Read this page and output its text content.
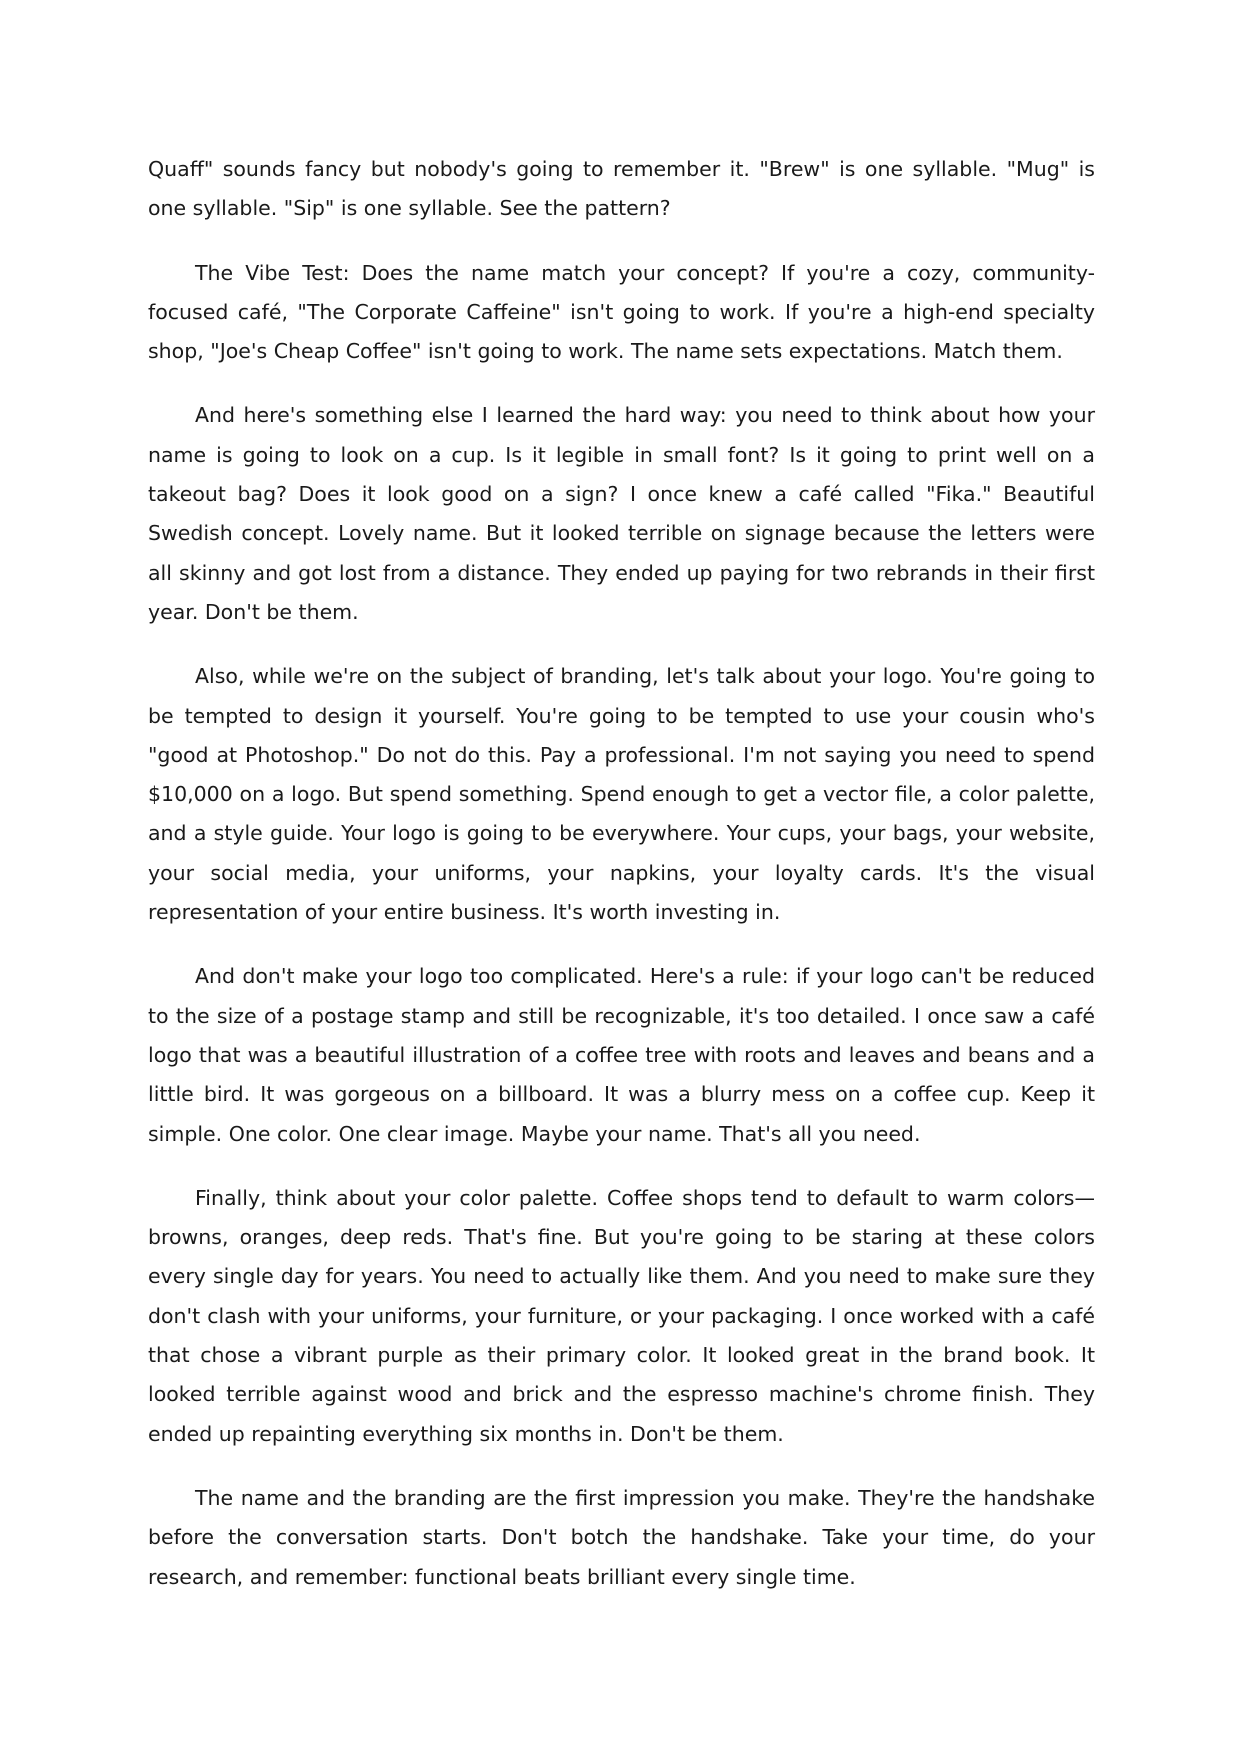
Quaff" sounds fancy but nobody's going to remember it. "Brew" is one syllable. "Mug" is one syllable. "Sip" is one syllable. See the pattern?

The Vibe Test: Does the name match your concept? If you're a cozy, community-focused café, "The Corporate Caffeine" isn't going to work. If you're a high-end specialty shop, "Joe's Cheap Coffee" isn't going to work. The name sets expectations. Match them.

And here's something else I learned the hard way: you need to think about how your name is going to look on a cup. Is it legible in small font? Is it going to print well on a takeout bag? Does it look good on a sign? I once knew a café called "Fika." Beautiful Swedish concept. Lovely name. But it looked terrible on signage because the letters were all skinny and got lost from a distance. They ended up paying for two rebrands in their first year. Don't be them.

Also, while we're on the subject of branding, let's talk about your logo. You're going to be tempted to design it yourself. You're going to be tempted to use your cousin who's "good at Photoshop." Do not do this. Pay a professional. I'm not saying you need to spend $10,000 on a logo. But spend something. Spend enough to get a vector file, a color palette, and a style guide. Your logo is going to be everywhere. Your cups, your bags, your website, your social media, your uniforms, your napkins, your loyalty cards. It's the visual representation of your entire business. It's worth investing in.

And don't make your logo too complicated. Here's a rule: if your logo can't be reduced to the size of a postage stamp and still be recognizable, it's too detailed. I once saw a café logo that was a beautiful illustration of a coffee tree with roots and leaves and beans and a little bird. It was gorgeous on a billboard. It was a blurry mess on a coffee cup. Keep it simple. One color. One clear image. Maybe your name. That's all you need.

Finally, think about your color palette. Coffee shops tend to default to warm colors—browns, oranges, deep reds. That's fine. But you're going to be staring at these colors every single day for years. You need to actually like them. And you need to make sure they don't clash with your uniforms, your furniture, or your packaging. I once worked with a café that chose a vibrant purple as their primary color. It looked great in the brand book. It looked terrible against wood and brick and the espresso machine's chrome finish. They ended up repainting everything six months in. Don't be them.

The name and the branding are the first impression you make. They're the handshake before the conversation starts. Don't botch the handshake. Take your time, do your research, and remember: functional beats brilliant every single time.
